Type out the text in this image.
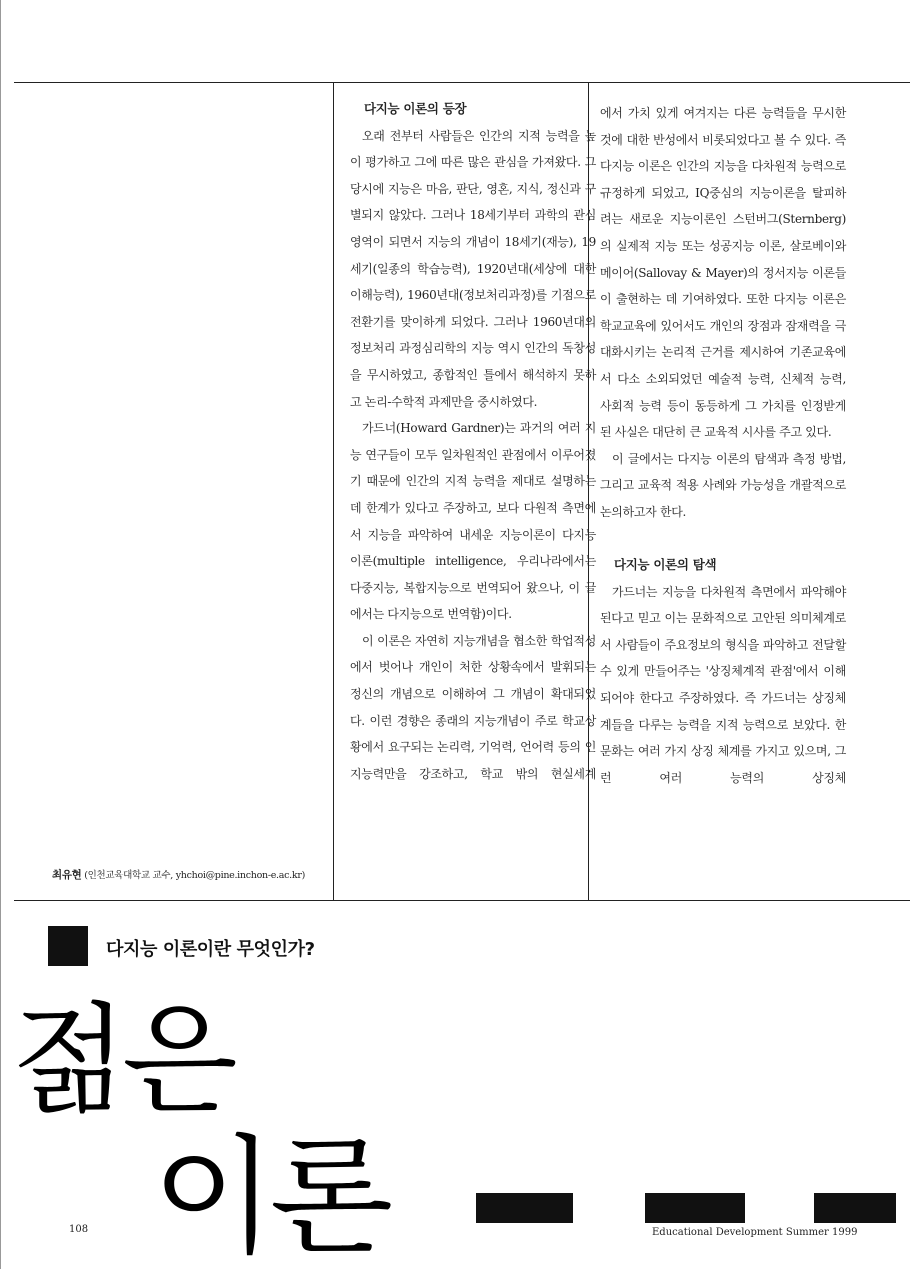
다지능 이론의 등장

오래 전부터 사람들은 인간의 지적 능력을 높이 평가하고 그에 따른 많은 관심을 가져왔다. 그 당시에 지능은 마음, 판단, 영혼, 지식, 정신과 구별되지 않았다. 그러나 18세기부터 과학의 관심영역이 되면서 지능의 개념이 18세기(재능), 19세기(일종의 학습능력), 1920년대(세상에 대한 이해능력), 1960년대(정보처리과정)를 기점으로 전환기를 맞이하게 되었다. 그러나 1960년대의 정보처리 과정심리학의 지능 역시 인간의 독창성을 무시하였고, 종합적인 틀에서 해석하지 못하고 논리-수학적 과제만을 중시하였다.

가드너(Howard Gardner)는 과거의 여러 지능 연구들이 모두 일차원적인 관점에서 이루어졌기 때문에 인간의 지적 능력을 제대로 설명하는 데 한계가 있다고 주장하고, 보다 다원적 측면에서 지능을 파악하여 내세운 지능이론이 다지능 이론(multiple intelligence, 우리나라에서는 다중지능, 복합지능으로 번역되어 왔으나, 이 글에서는 다지능으로 번역함)이다.

이 이론은 자연히 지능개념을 협소한 학업적성에서 벗어나 개인이 처한 상황속에서 발휘되는 정신의 개념으로 이해하여 그 개념이 확대되었다. 이런 경향은 종래의 지능개념이 주로 학교상황에서 요구되는 논리력, 기억력, 언어력 등의 인지능력만을 강조하고, 학교 밖의 현실세계

에서 가치 있게 여겨지는 다른 능력들을 무시한 것에 대한 반성에서 비롯되었다고 볼 수 있다. 즉 다지능 이론은 인간의 지능을 다차원적 능력으로 규정하게 되었고, IQ중심의 지능이론을 탈피하려는 새로운 지능이론인 스턴버그(Sternberg)의 실제적 지능 또는 성공지능 이론, 살로베이와 메이어(Sallovay & Mayer)의 정서지능 이론들이 출현하는 데 기여하였다. 또한 다지능 이론은 학교교육에 있어서도 개인의 장점과 잠재력을 극대화시키는 논리적 근거를 제시하여 기존교육에서 다소 소외되었던 예술적 능력, 신체적 능력, 사회적 능력 등이 동등하게 그 가치를 인정받게 된 사실은 대단히 큰 교육적 시사를 주고 있다.

이 글에서는 다지능 이론의 탐색과 측정 방법, 그리고 교육적 적용 사례와 가능성을 개괄적으로 논의하고자 한다.

다지능 이론의 탐색

가드너는 지능을 다차원적 측면에서 파악해야 된다고 믿고 이는 문화적으로 고안된 의미체계로서 사람들이 주요정보의 형식을 파악하고 전달할 수 있게 만들어주는 '상징체계적 관점'에서 이해되어야 한다고 주장하였다. 즉 가드너는 상징체계들을 다루는 능력을 지적 능력으로 보았다. 한 문화는 여러 가지 상징 체계를 가지고 있으며, 그런 여러 능력의 상징체

최유현 (인천교육대학교 교수, yhchoi@pine.inchon-e.ac.kr)
다지능 이론이란 무엇인가?
젊은
이론
108	Educational Development Summer 1999
